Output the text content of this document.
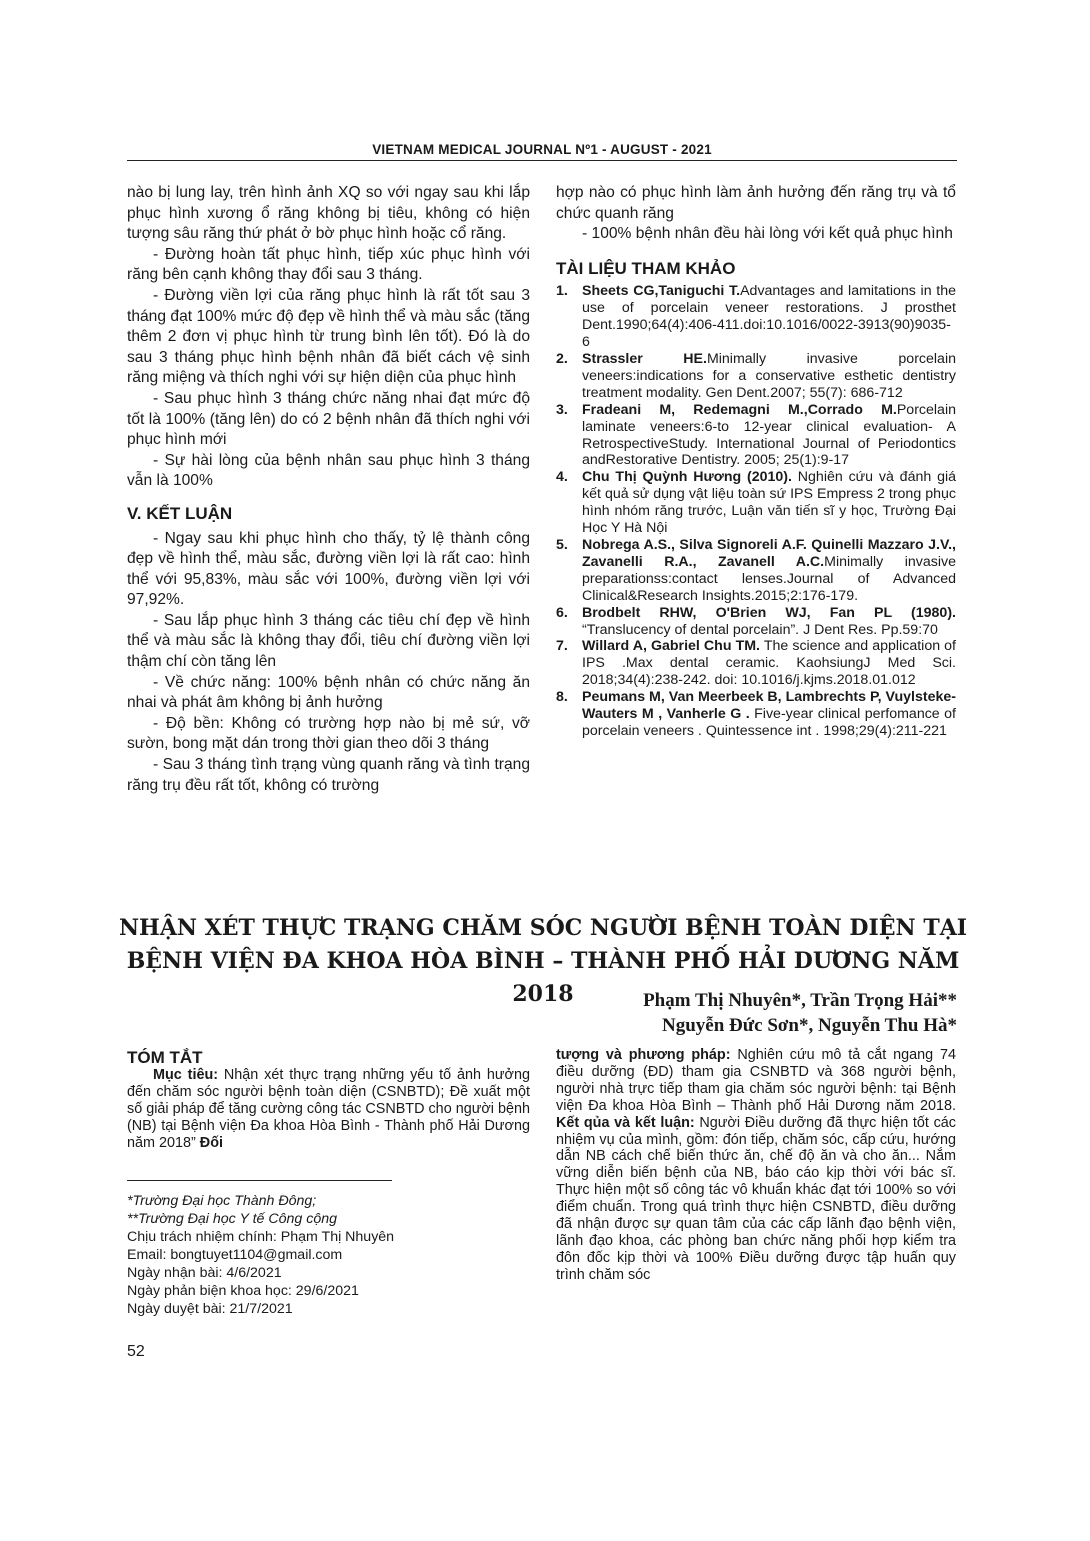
VIETNAM MEDICAL JOURNAL Nº1 - AUGUST - 2021

nào bị lung lay, trên hình ảnh XQ so với ngay sau khi lắp phục hình xương ổ răng không bị tiêu, không có hiện tượng sâu răng thứ phát ở bờ phục hình hoặc cổ răng.

- Đường hoàn tất phục hình, tiếp xúc phục hình với răng bên cạnh không thay đổi sau 3 tháng.

- Đường viền lợi của răng phục hình là rất tốt sau 3 tháng đạt 100% mức độ đẹp về hình thể và màu sắc (tăng thêm 2 đơn vị phục hình từ trung bình lên tốt). Đó là do sau 3 tháng phục hình bệnh nhân đã biết cách vệ sinh răng miệng và thích nghi với sự hiện diện của phục hình

- Sau phục hình 3 tháng chức năng nhai đạt mức độ tốt là 100% (tăng lên) do có 2 bệnh nhân đã thích nghi với phục hình mới

- Sự hài lòng của bệnh nhân sau phục hình 3 tháng vẫn là 100%

V. KẾT LUẬN

- Ngay sau khi phục hình cho thấy, tỷ lệ thành công đẹp về hình thể, màu sắc, đường viền lợi là rất cao: hình thể với 95,83%, màu sắc với 100%, đường viền lợi với 97,92%.

- Sau lắp phục hình 3 tháng các tiêu chí đẹp về hình thể và màu sắc là không thay đổi, tiêu chí đường viền lợi thậm chí còn tăng lên

- Về chức năng: 100% bệnh nhân có chức năng ăn nhai và phát âm không bị ảnh hưởng

- Độ bền: Không có trường hợp nào bị mẻ sứ, vỡ sườn, bong mặt dán trong thời gian theo dõi 3 tháng

- Sau 3 tháng tình trạng vùng quanh răng và tình trạng răng trụ đều rất tốt, không có trường

hợp nào có phục hình làm ảnh hưởng đến răng trụ và tổ chức quanh răng

- 100% bệnh nhân đều hài lòng với kết quả phục hình

TÀI LIỆU THAM KHẢO

1. Sheets CG,Taniguchi T.Advantages and lamitations in the use of porcelain veneer restorations. J prosthet Dent.1990;64(4):406-411.doi:10.1016/0022-3913(90)9035-6
2. Strassler HE.Minimally invasive porcelain veneers:indications for a conservative esthetic dentistry treatment modality. Gen Dent.2007; 55(7): 686-712
3. Fradeani M, Redemagni M.,Corrado M.Porcelain laminate veneers:6-to 12-year clinical evaluation- A RetrospectiveStudy. International Journal of Periodontics andRestorative Dentistry. 2005; 25(1):9-17
4. Chu Thị Quỳnh Hương (2010). Nghiên cứu và đánh giá kết quả sử dụng vật liệu toàn sứ IPS Empress 2 trong phục hình nhóm răng trước, Luận văn tiến sĩ y học, Trường Đại Học Y Hà Nội
5. Nobrega A.S., Silva Signoreli A.F. Quinelli Mazzaro J.V., Zavanelli R.A., Zavanell A.C.Minimally invasive preparationss:contact lenses.Journal of Advanced Clinical&Research Insights.2015;2:176-179.
6. Brodbelt RHW, O'Brien WJ, Fan PL (1980). “Translucency of dental porcelain”. J Dent Res. Pp.59:70
7. Willard A, Gabriel Chu TM. The science and application of IPS .Max dental ceramic. KaohsiungJ Med Sci. 2018;34(4):238-242. doi: 10.1016/j.kjms.2018.01.012
8. Peumans M, Van Meerbeek B, Lambrechts P, Vuylsteke- Wauters M , Vanherle G . Five-year clinical perfomance of porcelain veneers . Quintessence int . 1998;29(4):211-221
NHẬN XÉT THỰC TRẠNG CHĂM SÓC NGƯỜI BỆNH TOÀN DIỆN TẠI
BỆNH VIỆN ĐA KHOA HÒA BÌNH – THÀNH PHỐ HẢI DƯƠNG NĂM 2018	Phạm Thị Nhuyên*, Trần Trọng Hải**
Nguyễn Đức Sơn*, Nguyễn Thu Hà*

TÓM TẮT

Mục tiêu: Nhận xét thực trạng những yếu tố ảnh hưởng đến chăm sóc người bệnh toàn diện (CSNBTD); Đề xuất một số giải pháp để tăng cường công tác CSNBTD cho người bệnh (NB) tại Bệnh viện Đa khoa Hòa Bình - Thành phố Hải Dương năm 2018” Đối

tượng và phương pháp: Nghiên cứu mô tả cắt ngang 74 điều dưỡng (ĐD) tham gia CSNBTD và 368 người bệnh, người nhà trực tiếp tham gia chăm sóc người bệnh: tại Bệnh viện Đa khoa Hòa Bình – Thành phố Hải Dương năm 2018. Kết qủa và kết luận: Người Điều dưỡng đã thực hiện tốt các nhiệm vụ của mình, gồm: đón tiếp, chăm sóc, cấp cứu, hướng dẫn NB cách chế biến thức ăn, chế độ ăn và cho ăn... Nắm vững diễn biến bệnh của NB, báo cáo kịp thời với bác sĩ. Thực hiện một số công tác vô khuẩn khác đạt tới 100% so với điểm chuẩn. Trong quá trình thực hiện CSNBTD, điều dưỡng đã nhận được sự quan tâm của các cấp lãnh đạo bệnh viện, lãnh đạo khoa, các phòng ban chức năng phối hợp kiểm tra đôn đốc kịp thời và 100% Điều dưỡng được tập huấn quy trình chăm sóc

*Trường Đại học Thành Đông;
**Trường Đại học Y tế Công cộng
Chịu trách nhiệm chính: Phạm Thị Nhuyên
Email: bongtuyet1104@gmail.com
Ngày nhận bài: 4/6/2021
Ngày phản biện khoa học: 29/6/2021
Ngày duyệt bài: 21/7/2021
52
